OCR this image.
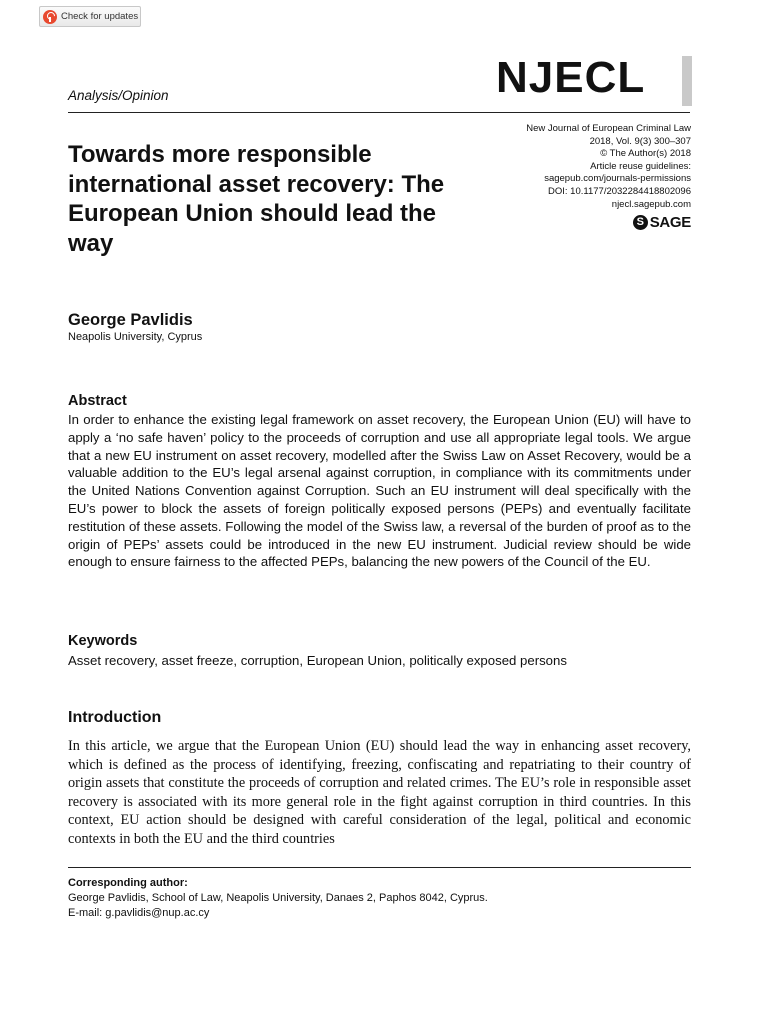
Check for updates
Analysis/Opinion	NJECL
New Journal of European Criminal Law
2018, Vol. 9(3) 300–307
© The Author(s) 2018
Article reuse guidelines:
sagepub.com/journals-permissions
DOI: 10.1177/2032284418802096
njecl.sagepub.com
S SAGE
Towards more responsible international asset recovery: The European Union should lead the way
George Pavlidis
Neapolis University, Cyprus
Abstract

In order to enhance the existing legal framework on asset recovery, the European Union (EU) will have to apply a ‘no safe haven’ policy to the proceeds of corruption and use all appropriate legal tools. We argue that a new EU instrument on asset recovery, modelled after the Swiss Law on Asset Recovery, would be a valuable addition to the EU’s legal arsenal against corruption, in compliance with its commitments under the United Nations Convention against Corruption. Such an EU instrument will deal specifically with the EU’s power to block the assets of foreign politically exposed persons (PEPs) and eventually facilitate restitution of these assets. Following the model of the Swiss law, a reversal of the burden of proof as to the origin of PEPs’ assets could be introduced in the new EU instrument. Judicial review should be wide enough to ensure fairness to the affected PEPs, balancing the new powers of the Council of the EU.

Keywords
Asset recovery, asset freeze, corruption, European Union, politically exposed persons
Introduction

In this article, we argue that the European Union (EU) should lead the way in enhancing asset recovery, which is defined as the process of identifying, freezing, confiscating and repatriating to their country of origin assets that constitute the proceeds of corruption and related crimes. The EU’s role in responsible asset recovery is associated with its more general role in the fight against corruption in third countries. In this context, EU action should be designed with careful consideration of the legal, political and economic contexts in both the EU and the third countries

Corresponding author:
George Pavlidis, School of Law, Neapolis University, Danaes 2, Paphos 8042, Cyprus.
E-mail: g.pavlidis@nup.ac.cy
